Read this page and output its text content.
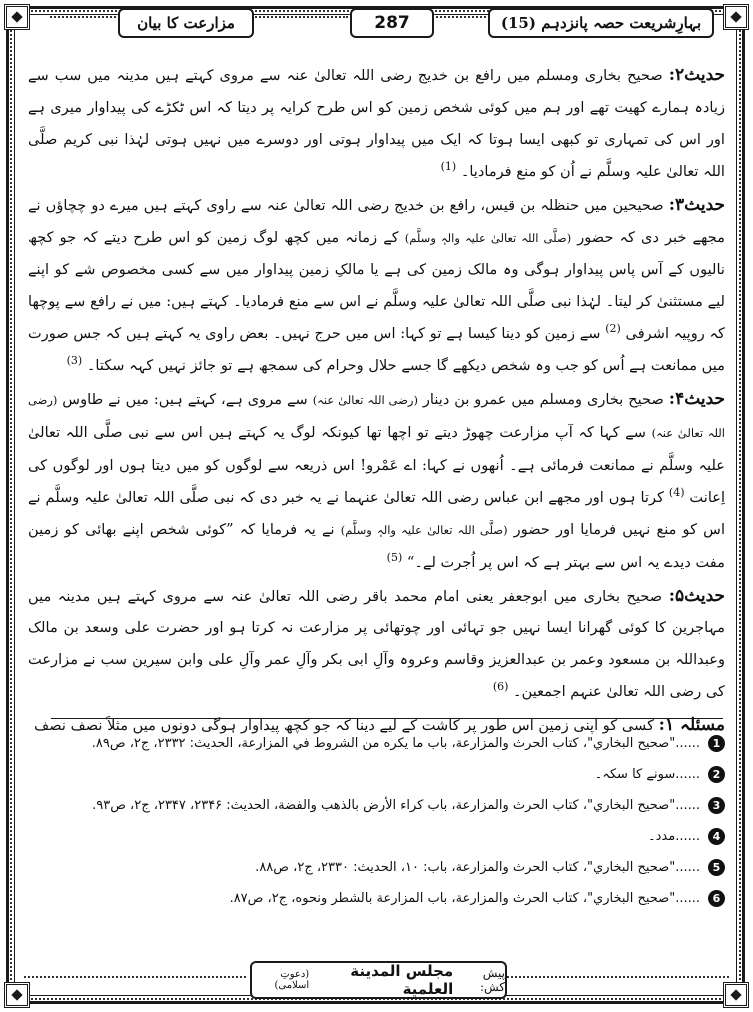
مزارعت کا بیان	287	بہارِشریعت حصہ پانزدہم (15)

حدیث۲: صحیح بخاری ومسلم میں رافع بن خدیج رضی اللہ تعالیٰ عنہ سے مروی کہتے ہیں مدینہ میں سب سے زیادہ ہمارے کھیت تھے اور ہم میں کوئی شخص زمین کو اس طرح کرایہ پر دیتا کہ اس ٹکڑے کی پیداوار میری ہے اور اس کی تمہاری تو کبھی ایسا ہوتا کہ ایک میں پیداوار ہوتی اور دوسرے میں نہیں ہوتی لہٰذا نبی کریم صلَّی اللہ تعالیٰ علیہ وسلَّم نے اُن کو منع فرمادیا۔ $^{(1)}$

حدیث۳: صحیحین میں حنظلہ بن قیس، رافع بن خدیج رضی اللہ تعالیٰ عنہ سے راوی کہتے ہیں میرے دو چچاؤں نے مجھے خبر دی کہ حضور (صلَّی اللہ تعالیٰ علیہ والہٖ وسلَّم) کے زمانہ میں کچھ لوگ زمین کو اس طرح دیتے کہ جو کچھ نالیوں کے آس پاس پیداوار ہوگی وہ مالک زمین کی ہے یا مالکِ زمین پیداوار میں سے کسی مخصوص شے کو اپنے لیے مستثنیٰ کر لیتا۔ لہٰذا نبی صلَّی اللہ تعالیٰ علیہ وسلَّم نے اس سے منع فرمادیا۔ کہتے ہیں: میں نے رافع سے پوچھا کہ روپیہ اشرفی $^{(2)}$ سے زمین کو دینا کیسا ہے تو کہا: اس میں حرج نہیں۔ بعض راوی یہ کہتے ہیں کہ جس صورت میں ممانعت ہے اُس کو جب وہ شخص دیکھے گا جسے حلال وحرام کی سمجھ ہے تو جائز نہیں کہہ سکتا۔ $^{(3)}$

حدیث۴: صحیح بخاری ومسلم میں عمرو بن دینار (رضی اللہ تعالیٰ عنہ) سے مروی ہے، کہتے ہیں: میں نے طاوس (رضی اللہ تعالیٰ عنہ) سے کہا کہ آپ مزارعت چھوڑ دیتے تو اچھا تھا کیونکہ لوگ یہ کہتے ہیں اس سے نبی صلَّی اللہ تعالیٰ علیہ وسلَّم نے ممانعت فرمائی ہے۔ اُنھوں نے کہا: اے عَمْرو! اس ذریعہ سے لوگوں کو میں دیتا ہوں اور لوگوں کی اِعانت $^{(4)}$ کرتا ہوں اور مجھے ابن عباس رضی اللہ تعالیٰ عنہما نے یہ خبر دی کہ نبی صلَّی اللہ تعالیٰ علیہ وسلَّم نے اس کو منع نہیں فرمایا اور حضور (صلَّی اللہ تعالیٰ علیہ والہٖ وسلَّم) نے یہ فرمایا کہ ”کوئی شخص اپنے بھائی کو زمین مفت دیدے یہ اس سے بہتر ہے کہ اس پر اُجرت لے۔“ $^{(5)}$

حدیث۵: صحیح بخاری میں ابوجعفر یعنی امام محمد باقر رضی اللہ تعالیٰ عنہ سے مروی کہتے ہیں مدینہ میں مہاجرین کا کوئی گھرانا ایسا نہیں جو تہائی اور چوتھائی پر مزارعت نہ کرتا ہو اور حضرت علی وسعد بن مالک وعبداللہ بن مسعود وعمر بن عبدالعزیز وقاسم وعروہ وآلِ ابی بکر وآلِ عمر وآلِ علی وابن سیرین سب نے مزارعت کی رضی اللہ تعالیٰ عنہم اجمعین۔ $^{(6)}$

مسئلہ ۱: کسی کو اپنی زمین اس طور پر کاشت کے لیے دینا کہ جو کچھ پیداوار ہوگی دونوں میں مثلاً نصف نصف

1
......"صحیح البخاري"، کتاب الحرث والمزارعة، باب ما یکره من الشروط في المزارعة، الحدیث: ۲۳۳۲، ج۲، ص۸۹.
2
......سونے کا سکہ۔
3
......"صحیح البخاري"، کتاب الحرث والمزارعة، باب کراء الأرض بالذهب والفضة، الحدیث: ۲۳۴۶، ۲۳۴۷، ج۲، ص۹۳.
4
......مدد۔
5
......"صحیح البخاري"، کتاب الحرث والمزارعة، باب: ۱۰، الحدیث: ۲۳۳۰، ج۲، ص۸۸.
6
......"صحیح البخاري"، کتاب الحرث والمزارعة، باب المزارعة بالشطر ونحوه، ج۲، ص۸۷.
پیش کش:
مجلس المدینة العلمیة
(دعوتِ اسلامی)
